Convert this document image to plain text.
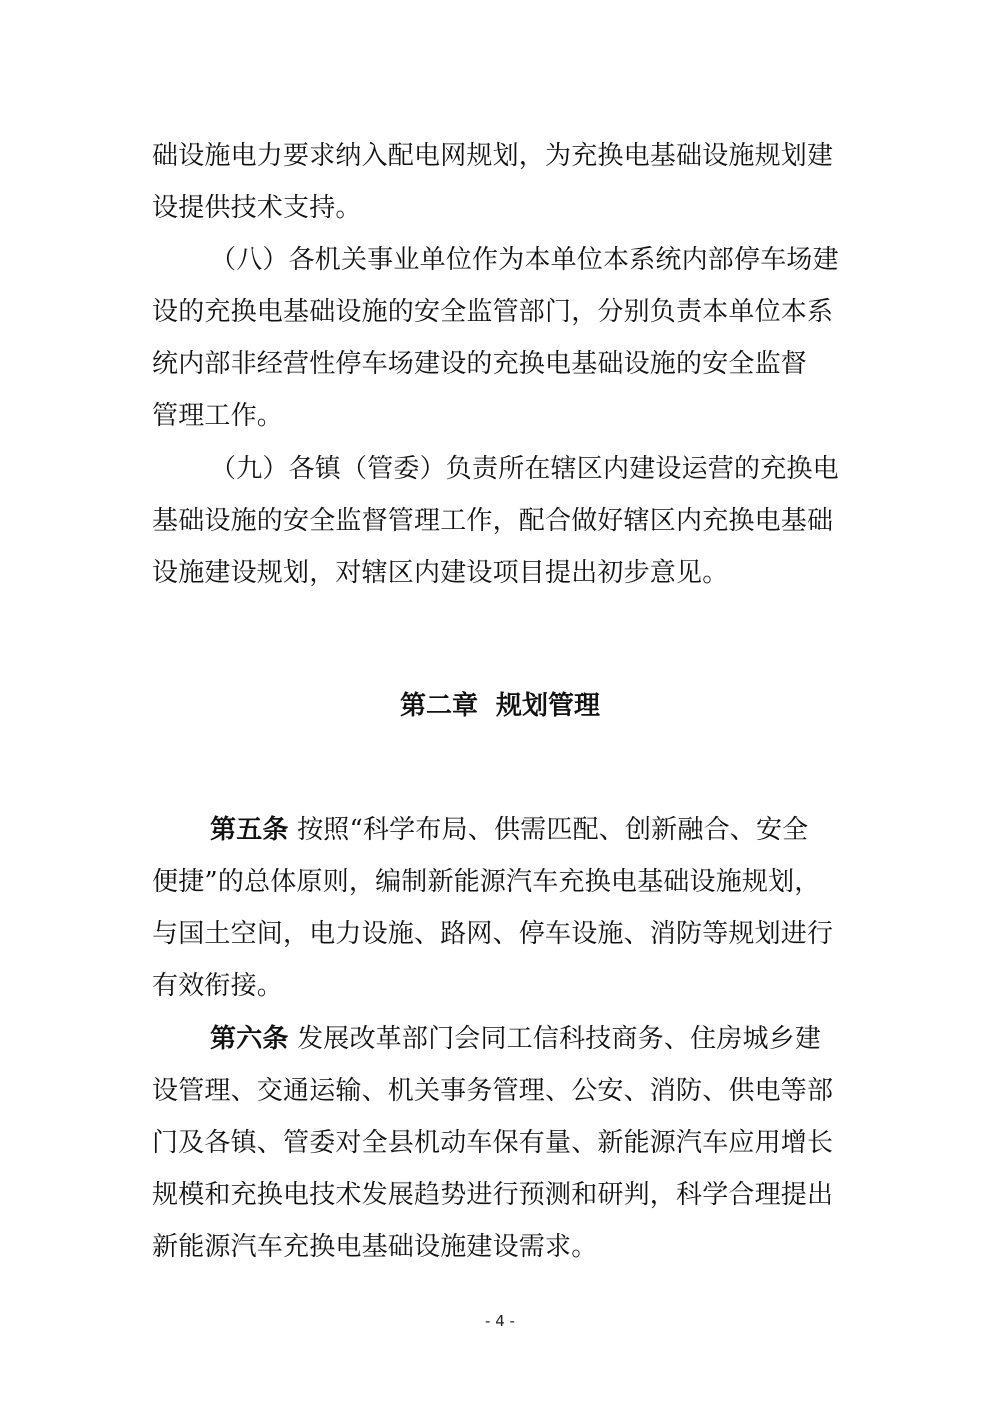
础设施电力要求纳入配电网规划，为充换电基础设施规划建
设提供技术支持。
（八）各机关事业单位作为本单位本系统内部停车场建
设的充换电基础设施的安全监管部门，分别负责本单位本系
统内部非经营性停车场建设的充换电基础设施的安全监督
管理工作。
（九）各镇（管委）负责所在辖区内建设运营的充换电
基础设施的安全监督管理工作，配合做好辖区内充换电基础
设施建设规划，对辖区内建设项目提出初步意见。
第二章  规划管理
第五条 按照“科学布局、供需匹配、创新融合、安全
便捷”的总体原则，编制新能源汽车充换电基础设施规划，
与国土空间，电力设施、路网、停车设施、消防等规划进行
有效衔接。
第六条 发展改革部门会同工信科技商务、住房城乡建
设管理、交通运输、机关事务管理、公安、消防、供电等部
门及各镇、管委对全县机动车保有量、新能源汽车应用增长
规模和充换电技术发展趋势进行预测和研判，科学合理提出
新能源汽车充换电基础设施建设需求。
- 4 -
